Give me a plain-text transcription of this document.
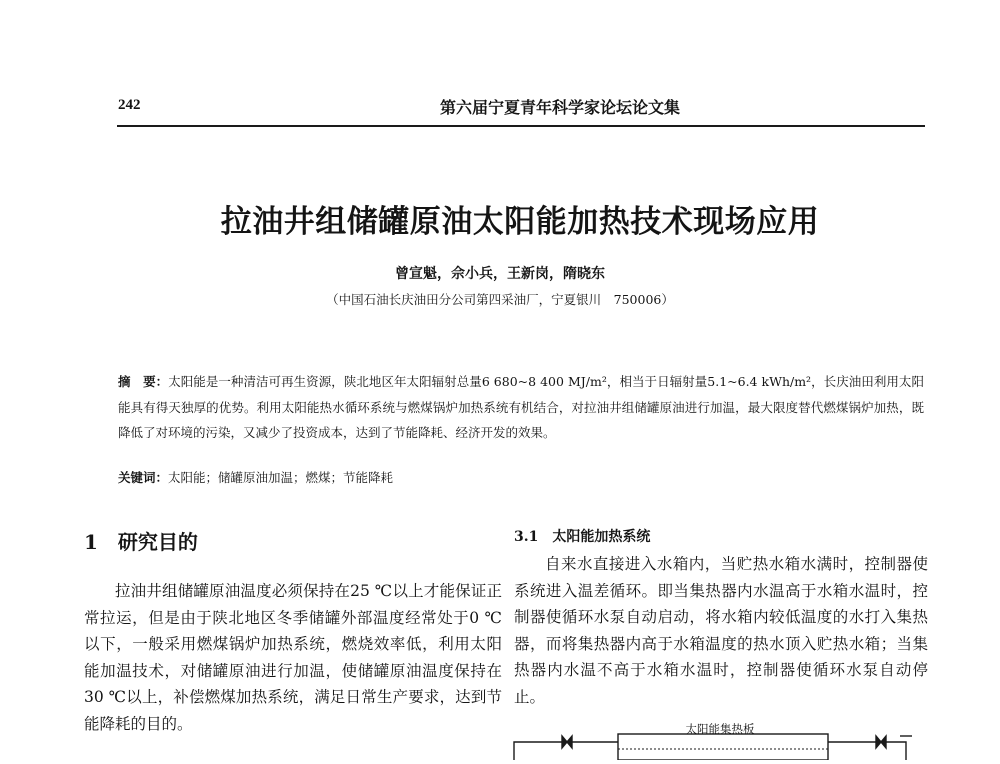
242	第六届宁夏青年科学家论坛论文集
拉油井组储罐原油太阳能加热技术现场应用
曾宣魁，佘小兵，王新岗，隋晓东
（中国石油长庆油田分公司第四采油厂，宁夏银川　750006）
摘　要：太阳能是一种清洁可再生资源，陕北地区年太阳辐射总量6 680~8 400 MJ/m²，相当于日辐射量5.1~6.4 kWh/m²，长庆油田利用太阳能具有得天独厚的优势。利用太阳能热水循环系统与燃煤锅炉加热系统有机结合，对拉油井组储罐原油进行加温，最大限度替代燃煤锅炉加热，既降低了对环境的污染，又减少了投资成本，达到了节能降耗、经济开发的效果。
关键词：太阳能；储罐原油加温；燃煤；节能降耗
1　研究目的

拉油井组储罐原油温度必须保持在25 ℃以上才能保证正常拉运，但是由于陕北地区冬季储罐外部温度经常处于0 ℃以下，一般采用燃煤锅炉加热系统，燃烧效率低，利用太阳能加温技术，对储罐原油进行加温，使储罐原油温度保持在30 ℃以上，补偿燃煤加热系统，满足日常生产要求，达到节能降耗的目的。

3.1　太阳能加热系统

自来水直接进入水箱内，当贮热水箱水满时，控制器使系统进入温差循环。即当集热器内水温高于水箱水温时，控制器使循环水泵自动启动，将水箱内较低温度的水打入集热器，而将集热器内高于水箱温度的热水顶入贮热水箱；当集热器内水温不高于水箱水温时，控制器使循环水泵自动停止。

太阳能集热板
